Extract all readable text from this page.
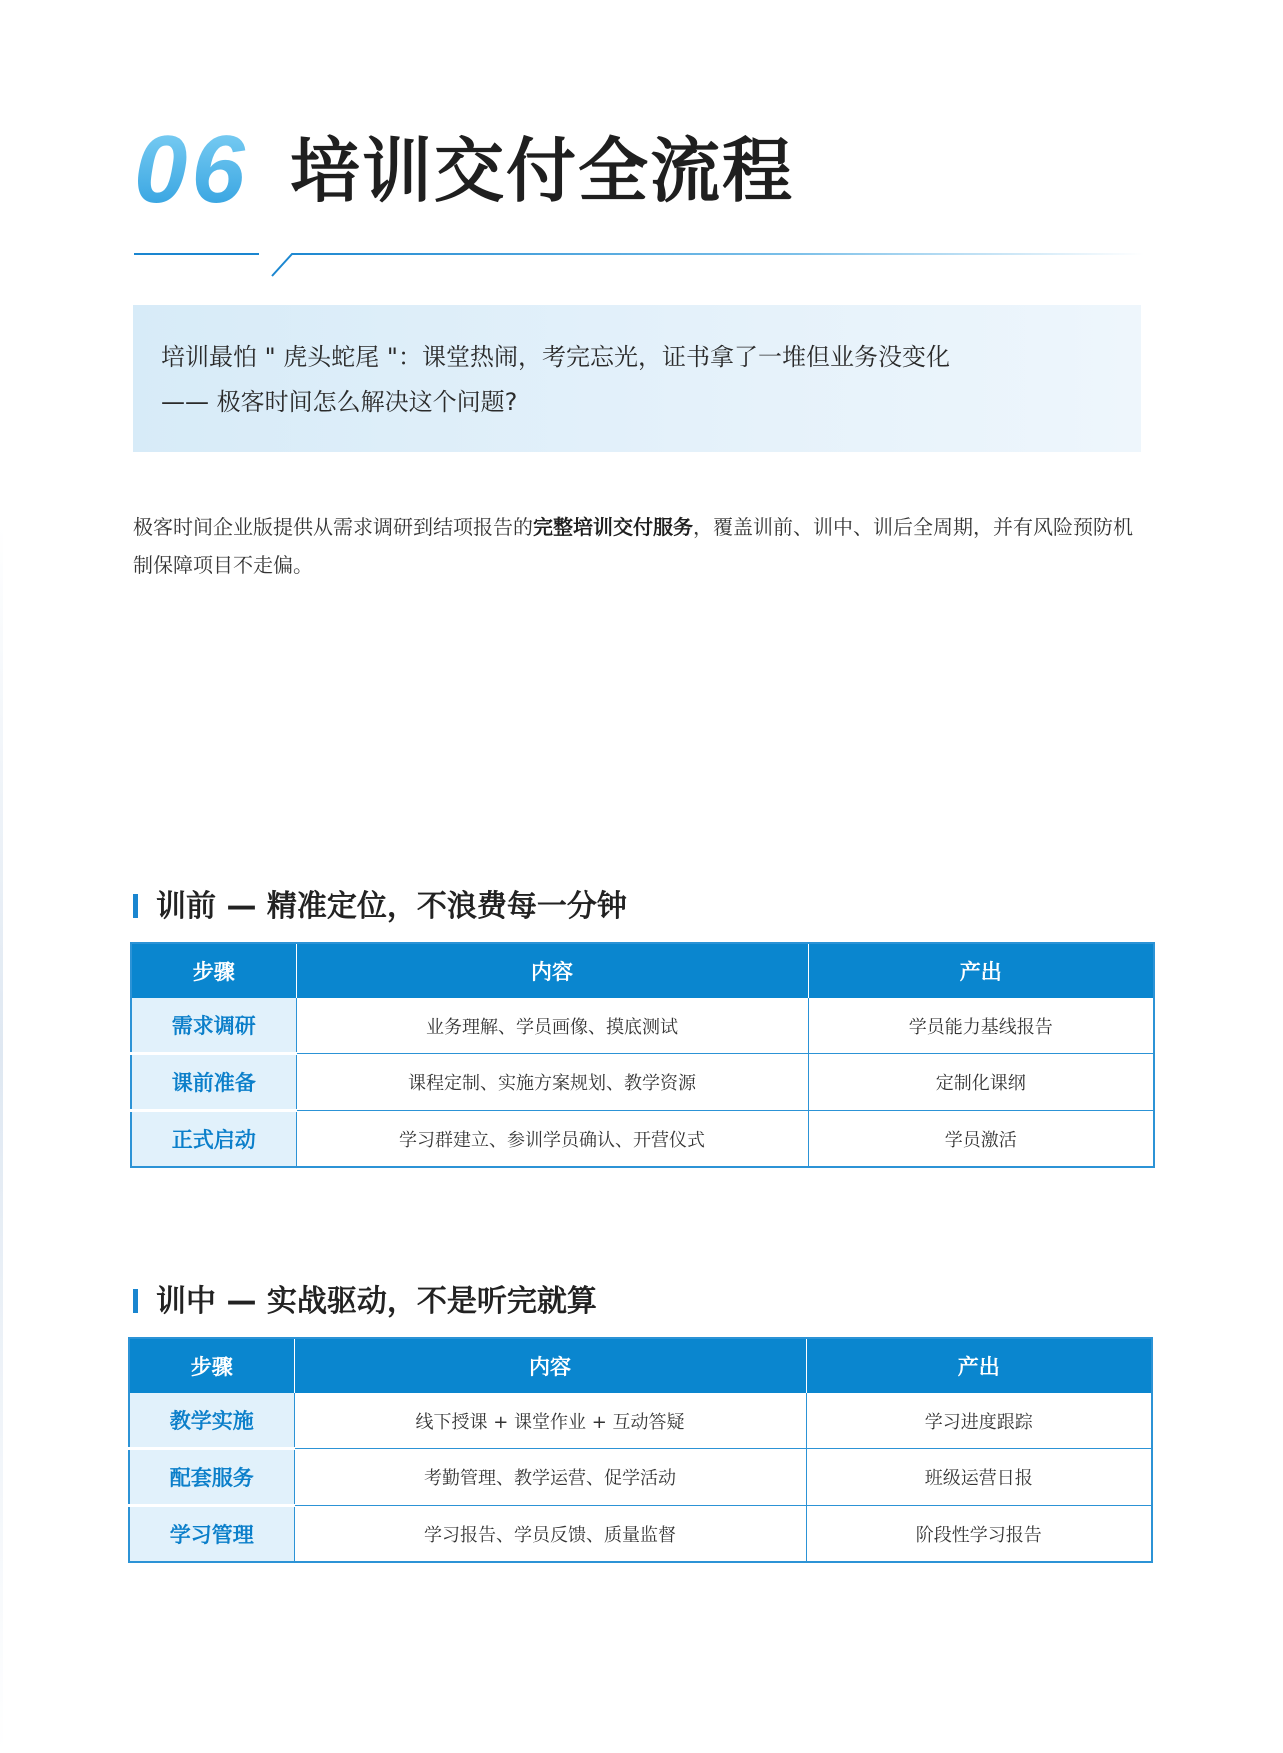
06 培训交付全流程

培训最怕 " 虎头蛇尾 "：课堂热闹，考完忘光，证书拿了一堆但业务没变化

—— 极客时间怎么解决这个问题?

极客时间企业版提供从需求调研到结项报告的完整培训交付服务，覆盖训前、训中、训后全周期，并有风险预防机制保障项目不走偏。

训前 — 精准定位，不浪费每一分钟
步骤	内容	产出
需求调研	业务理解、学员画像、摸底测试	学员能力基线报告
课前准备	课程定制、实施方案规划、教学资源	定制化课纲
正式启动	学习群建立、参训学员确认、开营仪式	学员激活
训中 — 实战驱动，不是听完就算
步骤	内容	产出
教学实施	线下授课 + 课堂作业 + 互动答疑	学习进度跟踪
配套服务	考勤管理、教学运营、促学活动	班级运营日报
学习管理	学习报告、学员反馈、质量监督	阶段性学习报告
